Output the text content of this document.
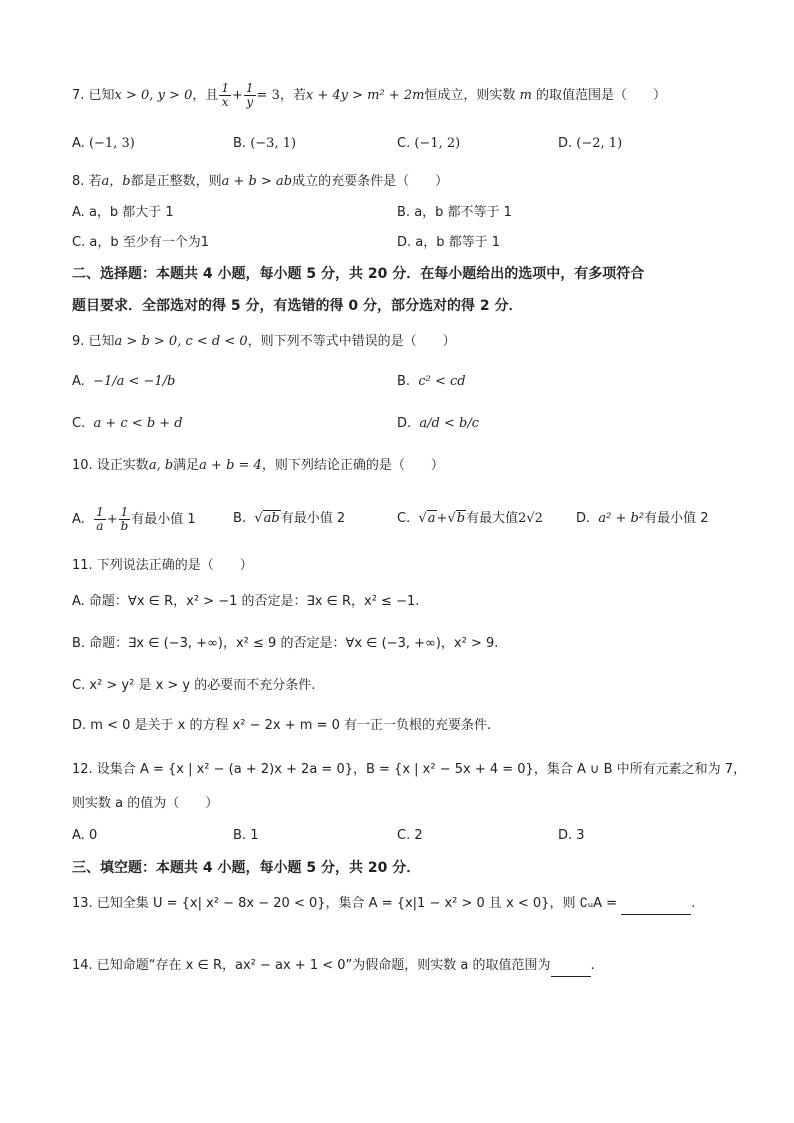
7. 已知x > 0, y > 0，且 $\frac{1}{x} + \frac{1}{y} = 3$，若x + 4y > m² + 2m恒成立，则实数 m 的取值范围是（　　）
A. (−1, 3)	B. (−3, 1)	C. (−1, 2)	D. (−2, 1)
8. 若a，b都是正整数，则a + b > ab成立的充要条件是（　　）
A. a，b 都大于 1	B. a，b 都不等于 1
C. a，b 至少有一个为1	D. a，b 都等于 1
二、选择题：本题共 4 小题，每小题 5 分，共 20 分．在每小题给出的选项中，有多项符合
题目要求．全部选对的得 5 分，有选错的得 0 分，部分选对的得 2 分．
9. 已知a > b > 0, c < d < 0，则下列不等式中错误的是（　　）
A. −1/a < −1/b	B. c² < cd
C. a + c < b + d	D. a/d < b/c
10. 设正实数a, b满足a + b = 4，则下列结论正确的是（　　）
A. $\frac{1}{a} + \frac{1}{b}$ 有最小值 1	B. √ab有最小值 2	C. √a+√b有最大值2√2	D. a² + b²有最小值 2
11. 下列说法正确的是（　　）
A. 命题：∀x ∈ R，x² > −1 的否定是：∃x ∈ R，x² ≤ −1.
B. 命题：∃x ∈ (−3, +∞)，x² ≤ 9 的否定是：∀x ∈ (−3, +∞)，x² > 9.
C. x² > y² 是 x > y 的必要而不充分条件.
D. m < 0 是关于 x 的方程 x² − 2x + m = 0 有一正一负根的充要条件.
12. 设集合 A = {x | x² − (a + 2)x + 2a = 0}，B = {x | x² − 5x + 4 = 0}，集合 A ∪ B 中所有元素之和为 7，
则实数 a 的值为（　　）
A. 0	B. 1	C. 2	D. 3
三、填空题：本题共 4 小题，每小题 5 分，共 20 分．
13. 已知全集 U = {x| x² − 8x − 20 < 0}，集合 A = {x|1 − x² > 0 且 x < 0}，则 ∁ᵤA =	.
14. 已知命题“存在 x ∈ R，ax² − ax + 1 < 0”为假命题，则实数 a 的取值范围为	.
